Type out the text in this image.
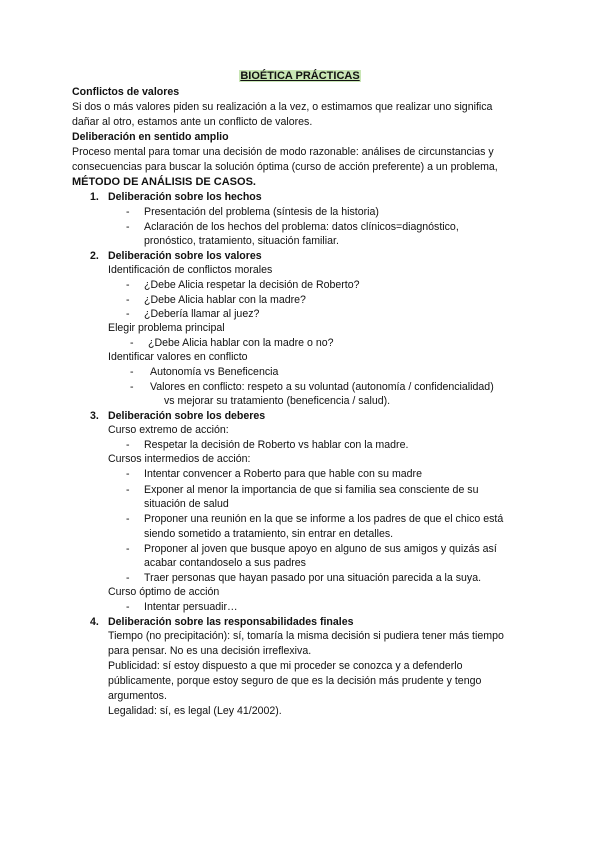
BIOÉTICA PRÁCTICAS
Conflictos de valores
Si dos o más valores piden su realización a la vez, o estimamos que realizar uno significa
dañar al otro, estamos ante un conflicto de valores.
Deliberación en sentido amplio
Proceso mental para tomar una decisión de modo razonable: análises de circunstancias y
consecuencias para buscar la solución óptima (curso de acción preferente) a un problema,
MÉTODO DE ANÁLISIS DE CASOS.
1. Deliberación sobre los hechos
- Presentación del problema (síntesis de la historia)
- Aclaración de los hechos del problema: datos clínicos=diagnóstico,
pronóstico, tratamiento, situación familiar.
2. Deliberación sobre los valores
Identificación de conflictos morales
- ¿Debe Alicia respetar la decisión de Roberto?
- ¿Debe Alicia hablar con la madre?
- ¿Debería llamar al juez?
Elegir problema principal
- ¿Debe Alicia hablar con la madre o no?
Identificar valores en conflicto
- Autonomía vs Beneficencia
- Valores en conflicto: respeto a su voluntad (autonomía / confidencialidad)
vs mejorar su tratamiento (beneficencia / salud).
3. Deliberación sobre los deberes
Curso extremo de acción:
- Respetar la decisión de Roberto vs hablar con la madre.
Cursos intermedios de acción:
- Intentar convencer a Roberto para que hable con su madre
- Exponer al menor la importancia de que si familia sea consciente de su
situación de salud
- Proponer una reunión en la que se informe a los padres de que el chico está
siendo sometido a tratamiento, sin entrar en detalles.
- Proponer al joven que busque apoyo en alguno de sus amigos y quizás así
acabar contandoselo a sus padres
- Traer personas que hayan pasado por una situación parecida a la suya.
Curso óptimo de acción
- Intentar persuadir…
4. Deliberación sobre las responsabilidades finales
Tiempo (no precipitación): sí, tomaría la misma decisión si pudiera tener más tiempo
para pensar. No es una decisión irreflexiva.
Publicidad: sí estoy dispuesto a que mi proceder se conozca y a defenderlo
públicamente, porque estoy seguro de que es la decisión más prudente y tengo
argumentos.
Legalidad: sí, es legal (Ley 41/2002).
